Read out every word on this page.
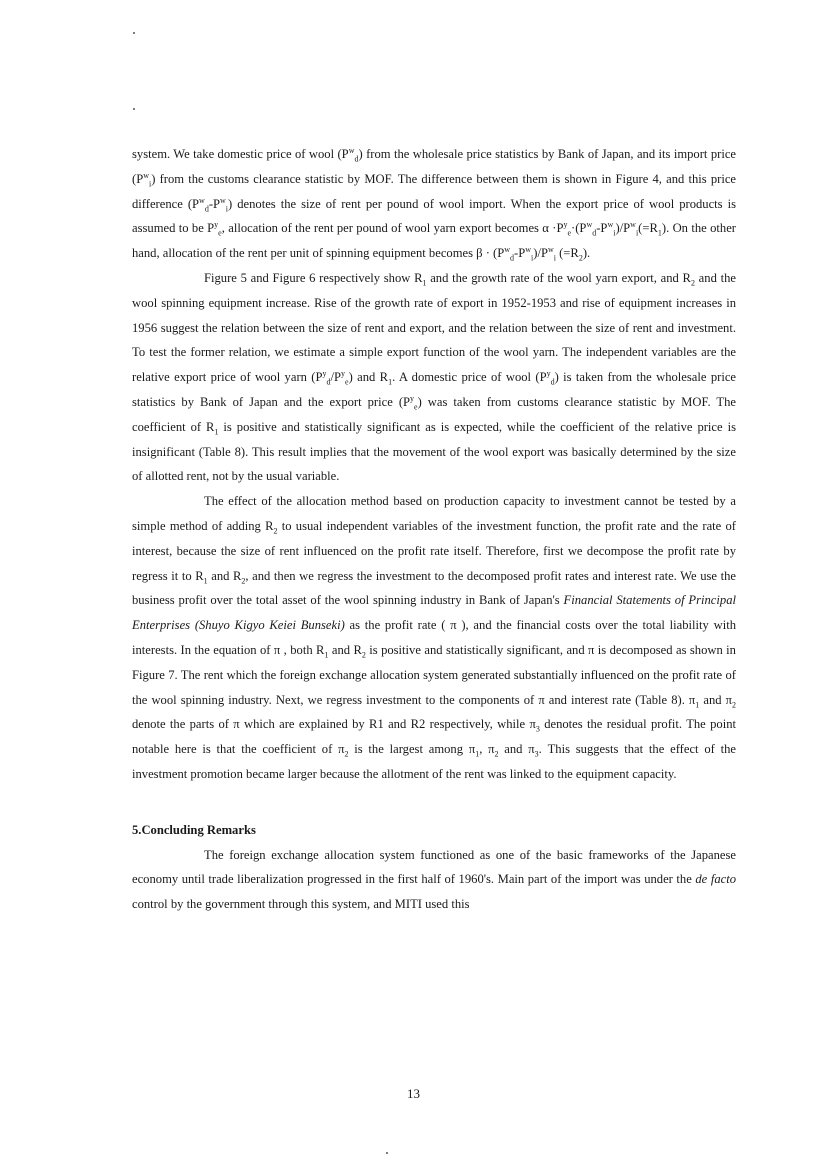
system. We take domestic price of wool $(P^w_d)$ from the wholesale price statistics by Bank of Japan, and its import price $(P^w_i)$ from the customs clearance statistic by MOF. The difference between them is shown in Figure 4, and this price difference $(P^w_d-P^w_i)$ denotes the size of rent per pound of wool import. When the export price of wool products is assumed to be $P^y_e$, allocation of the rent per pound of wool yarn export becomes $\alpha \cdot P^y_e\cdot(P^w_d-P^w_i)/P^w_i(=R_1)$. On the other hand, allocation of the rent per unit of spinning equipment becomes $\beta \cdot (P^w_d-P^w_i)/P^w_i$ $(=R_2)$.

Figure 5 and Figure 6 respectively show $R_1$ and the growth rate of the wool yarn export, and $R_2$ and the wool spinning equipment increase. Rise of the growth rate of export in 1952-1953 and rise of equipment increases in 1956 suggest the relation between the size of rent and export, and the relation between the size of rent and investment. To test the former relation, we estimate a simple export function of the wool yarn. The independent variables are the relative export price of wool yarn $(P^y_d/P^y_e)$ and $R_1$. A domestic price of wool $(P^y_d)$ is taken from the wholesale price statistics by Bank of Japan and the export price $(P^y_e)$ was taken from customs clearance statistic by MOF. The coefficient of $R_1$ is positive and statistically significant as is expected, while the coefficient of the relative price is insignificant (Table 8). This result implies that the movement of the wool export was basically determined by the size of allotted rent, not by the usual variable.

The effect of the allocation method based on production capacity to investment cannot be tested by a simple method of adding $R_2$ to usual independent variables of the investment function, the profit rate and the rate of interest, because the size of rent influenced on the profit rate itself. Therefore, first we decompose the profit rate by regress it to $R_1$ and $R_2$, and then we regress the investment to the decomposed profit rates and interest rate. We use the business profit over the total asset of the wool spinning industry in Bank of Japan's Financial Statements of Principal Enterprises (Shuyo Kigyo Keiei Bunseki) as the profit rate ( π ), and the financial costs over the total liability with interests. In the equation of π , both $R_1$ and $R_2$ is positive and statistically significant, and π is decomposed as shown in Figure 7. The rent which the foreign exchange allocation system generated substantially influenced on the profit rate of the wool spinning industry. Next, we regress investment to the components of π and interest rate (Table 8). $\pi_1$ and $\pi_2$ denote the parts of π which are explained by R1 and R2 respectively, while $\pi_3$ denotes the residual profit. The point notable here is that the coefficient of $\pi_2$ is the largest among $\pi_1$, $\pi_2$ and $\pi_3$. This suggests that the effect of the investment promotion became larger because the allotment of the rent was linked to the equipment capacity.

5.Concluding Remarks

The foreign exchange allocation system functioned as one of the basic frameworks of the Japanese economy until trade liberalization progressed in the first half of 1960's. Main part of the import was under the de facto control by the government through this system, and MITI used this

13
